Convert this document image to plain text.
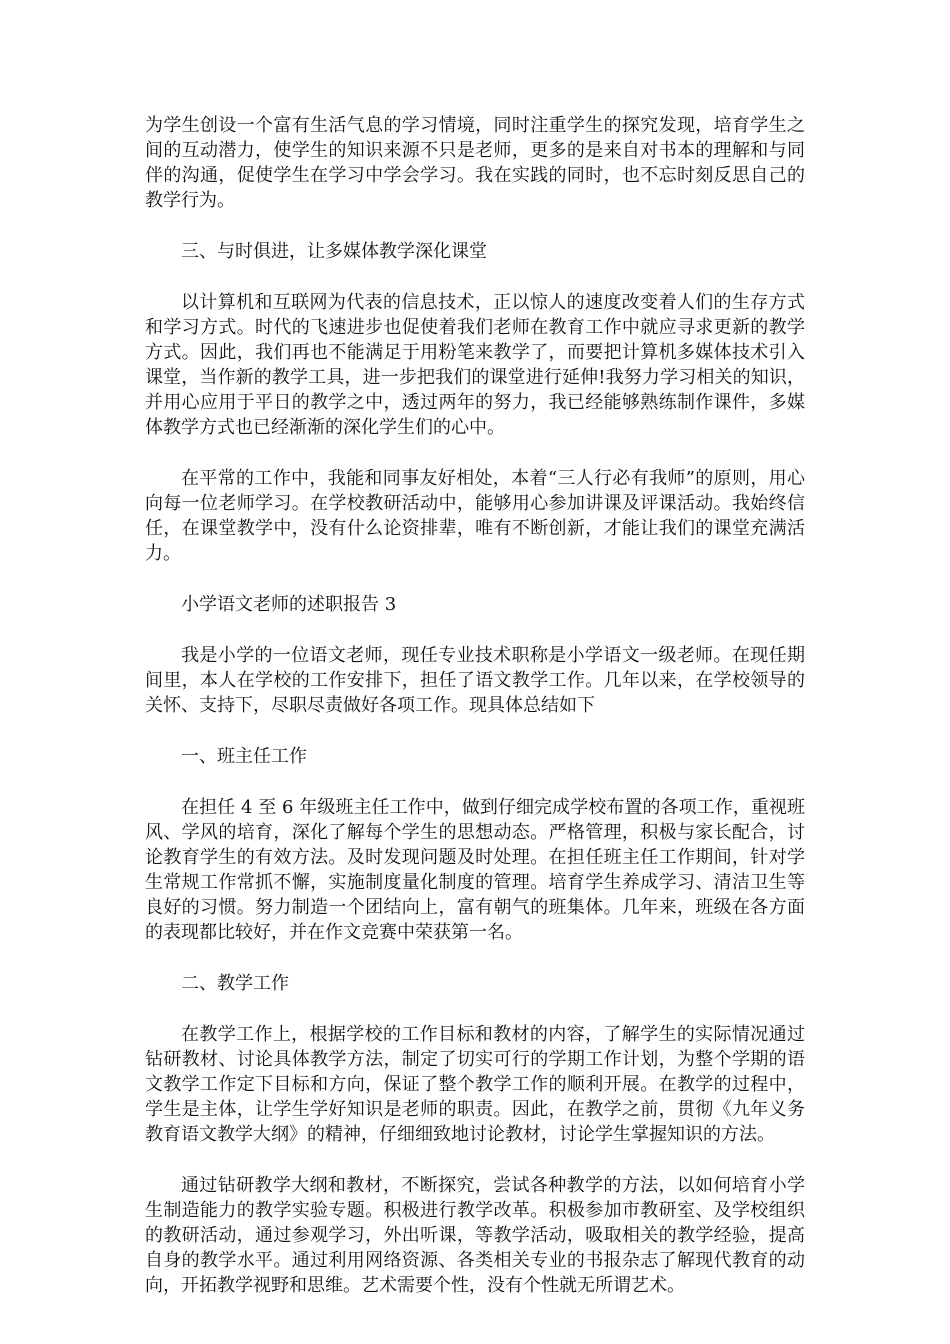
为学生创设一个富有生活气息的学习情境，同时注重学生的探究发现，培育学生之间的互动潜力，使学生的知识来源不只是老师，更多的是来自对书本的理解和与同伴的沟通，促使学生在学习中学会学习。我在实践的同时，也不忘时刻反思自己的教学行为。

三、与时俱进，让多媒体教学深化课堂

以计算机和互联网为代表的信息技术，正以惊人的速度改变着人们的生存方式和学习方式。时代的飞速进步也促使着我们老师在教育工作中就应寻求更新的教学方式。因此，我们再也不能满足于用粉笔来教学了，而要把计算机多媒体技术引入课堂，当作新的教学工具，进一步把我们的课堂进行延伸!我努力学习相关的知识，并用心应用于平日的教学之中，透过两年的努力，我已经能够熟练制作课件，多媒体教学方式也已经渐渐的深化学生们的心中。

在平常的工作中，我能和同事友好相处，本着“三人行必有我师”的原则，用心向每一位老师学习。在学校教研活动中，能够用心参加讲课及评课活动。我始终信任，在课堂教学中，没有什么论资排辈，唯有不断创新，才能让我们的课堂充满活力。

小学语文老师的述职报告 3

我是小学的一位语文老师，现任专业技术职称是小学语文一级老师。在现任期间里，本人在学校的工作安排下，担任了语文教学工作。几年以来，在学校领导的关怀、支持下，尽职尽责做好各项工作。现具体总结如下

一、班主任工作

在担任 4 至 6 年级班主任工作中，做到仔细完成学校布置的各项工作，重视班风、学风的培育，深化了解每个学生的思想动态。严格管理，积极与家长配合，讨论教育学生的有效方法。及时发现问题及时处理。在担任班主任工作期间，针对学生常规工作常抓不懈，实施制度量化制度的管理。培育学生养成学习、清洁卫生等良好的习惯。努力制造一个团结向上，富有朝气的班集体。几年来，班级在各方面的表现都比较好，并在作文竞赛中荣获第一名。

二、教学工作

在教学工作上，根据学校的工作目标和教材的内容，了解学生的实际情况通过钻研教材、讨论具体教学方法，制定了切实可行的学期工作计划，为整个学期的语文教学工作定下目标和方向，保证了整个教学工作的顺利开展。在教学的过程中，学生是主体，让学生学好知识是老师的职责。因此，在教学之前，贯彻《九年义务教育语文教学大纲》的精神，仔细细致地讨论教材，讨论学生掌握知识的方法。

通过钻研教学大纲和教材，不断探究，尝试各种教学的方法，以如何培育小学生制造能力的教学实验专题。积极进行教学改革。积极参加市教研室、及学校组织的教研活动，通过参观学习，外出听课，等教学活动，吸取相关的教学经验，提高自身的教学水平。通过利用网络资源、各类相关专业的书报杂志了解现代教育的动向，开拓教学视野和思维。艺术需要个性，没有个性就无所谓艺术。
